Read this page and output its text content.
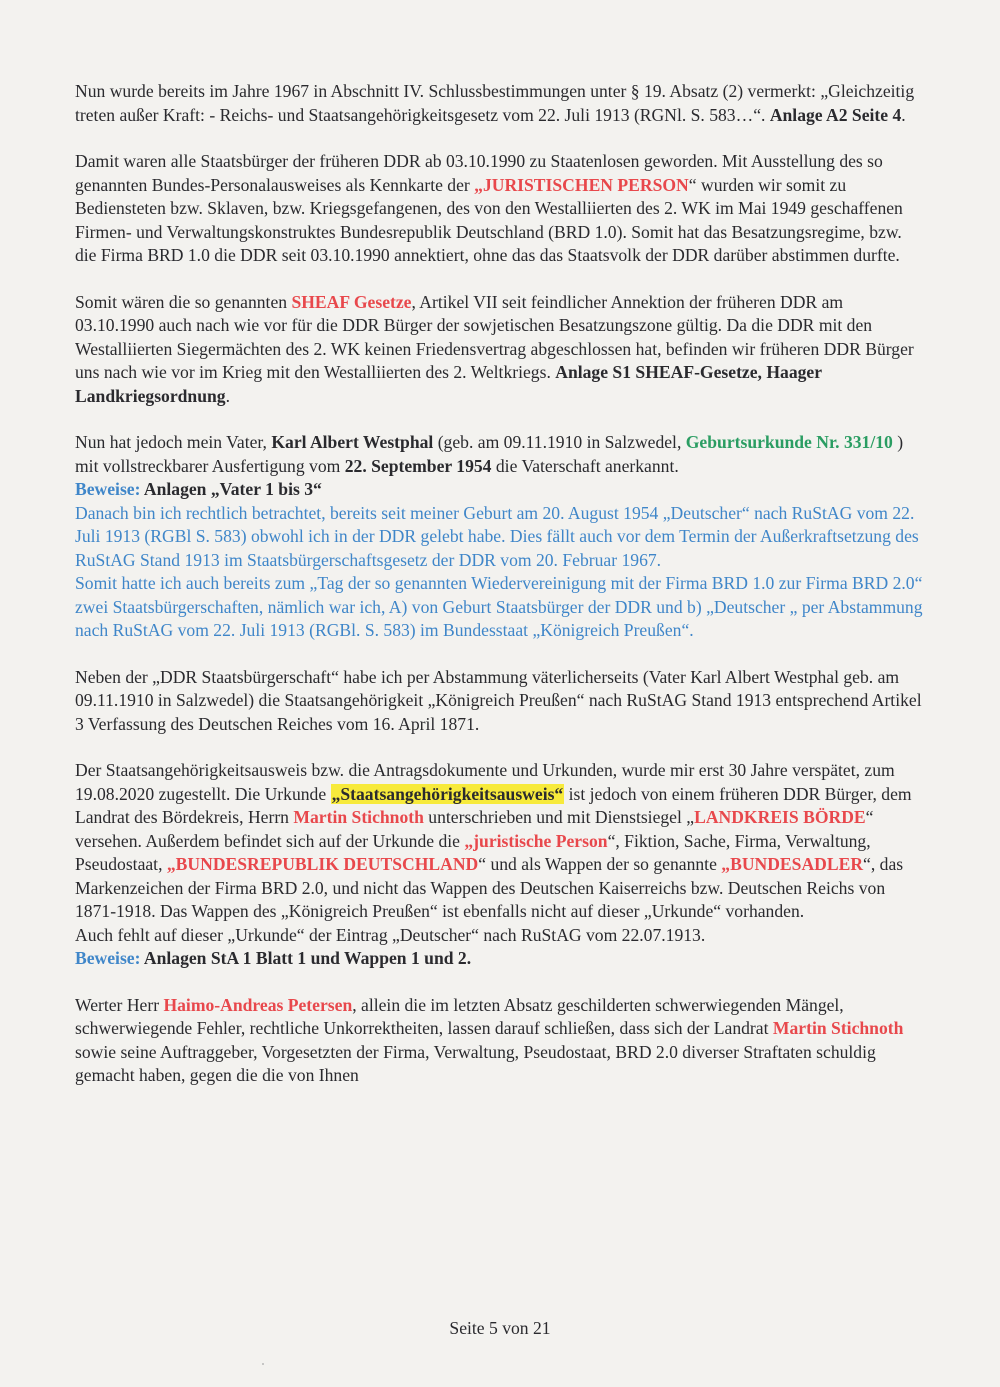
Nun wurde bereits im Jahre 1967 in Abschnitt IV. Schlussbestimmungen unter § 19. Absatz (2) vermerkt: „Gleichzeitig treten außer Kraft: - Reichs- und Staatsangehörigkeitsgesetz vom 22. Juli 1913 (RGNl. S. 583…“. Anlage A2 Seite 4.

Damit waren alle Staatsbürger der früheren DDR ab 03.10.1990 zu Staatenlosen geworden. Mit Ausstellung des so genannten Bundes-Personalausweises als Kennkarte der „JURISTISCHEN PERSON“ wurden wir somit zu Bediensteten bzw. Sklaven, bzw. Kriegsgefangenen, des von den Westalliierten des 2. WK im Mai 1949 geschaffenen Firmen- und Verwaltungskonstruktes Bundesrepublik Deutschland (BRD 1.0). Somit hat das Besatzungsregime, bzw. die Firma BRD 1.0 die DDR seit 03.10.1990 annektiert, ohne das das Staatsvolk der DDR darüber abstimmen durfte.

Somit wären die so genannten SHEAF Gesetze, Artikel VII seit feindlicher Annektion der früheren DDR am 03.10.1990 auch nach wie vor für die DDR Bürger der sowjetischen Besatzungszone gültig. Da die DDR mit den Westalliierten Siegermächten des 2. WK keinen Friedensvertrag abgeschlossen hat, befinden wir früheren DDR Bürger uns nach wie vor im Krieg mit den Westalliierten des 2. Weltkriegs. Anlage S1 SHEAF-Gesetze, Haager Landkriegsordnung.

Nun hat jedoch mein Vater, Karl Albert Westphal (geb. am 09.11.1910 in Salzwedel, Geburtsurkunde Nr. 331/10 ) mit vollstreckbarer Ausfertigung vom 22. September 1954 die Vaterschaft anerkannt.

Beweise: Anlagen „Vater 1 bis 3“

Danach bin ich rechtlich betrachtet, bereits seit meiner Geburt am 20. August 1954 „Deutscher“ nach RuStAG vom 22. Juli 1913 (RGBl S. 583) obwohl ich in der DDR gelebt habe. Dies fällt auch vor dem Termin der Außerkraftsetzung des RuStAG Stand 1913 im Staatsbürgerschaftsgesetz der DDR vom 20. Februar 1967.

Somit hatte ich auch bereits zum „Tag der so genannten Wiedervereinigung mit der Firma BRD 1.0 zur Firma BRD 2.0“ zwei Staatsbürgerschaften, nämlich war ich, A) von Geburt Staatsbürger der DDR und b) „Deutscher „ per Abstammung nach RuStAG vom 22. Juli 1913 (RGBl. S. 583) im Bundesstaat „Königreich Preußen“.

Neben der „DDR Staatsbürgerschaft“ habe ich per Abstammung väterlicherseits (Vater Karl Albert Westphal geb. am 09.11.1910 in Salzwedel) die Staatsangehörigkeit „Königreich Preußen“ nach RuStAG Stand 1913 entsprechend Artikel 3 Verfassung des Deutschen Reiches vom 16. April 1871.

Der Staatsangehörigkeitsausweis bzw. die Antragsdokumente und Urkunden, wurde mir erst 30 Jahre verspätet, zum 19.08.2020 zugestellt. Die Urkunde „Staatsangehörigkeitsausweis“ ist jedoch von einem früheren DDR Bürger, dem Landrat des Bördekreis, Herrn Martin Stichnoth unterschrieben und mit Dienstsiegel „LANDKREIS BÖRDE“ versehen. Außerdem befindet sich auf der Urkunde die „juristische Person“, Fiktion, Sache, Firma, Verwaltung, Pseudostaat, „BUNDESREPUBLIK DEUTSCHLAND“ und als Wappen der so genannte „BUNDESADLER“, das Markenzeichen der Firma BRD 2.0, und nicht das Wappen des Deutschen Kaiserreichs bzw. Deutschen Reichs von 1871-1918. Das Wappen des „Königreich Preußen“ ist ebenfalls nicht auf dieser „Urkunde“ vorhanden.

Auch fehlt auf dieser „Urkunde“ der Eintrag „Deutscher“ nach RuStAG vom 22.07.1913.

Beweise: Anlagen StA 1 Blatt 1 und Wappen 1 und 2.

Werter Herr Haimo-Andreas Petersen, allein die im letzten Absatz geschilderten schwerwiegenden Mängel, schwerwiegende Fehler, rechtliche Unkorrektheiten, lassen darauf schließen, dass sich der Landrat Martin Stichnoth sowie seine Auftraggeber, Vorgesetzten der Firma, Verwaltung, Pseudostaat, BRD 2.0 diverser Straftaten schuldig gemacht haben, gegen die die von Ihnen

Seite 5 von 21
